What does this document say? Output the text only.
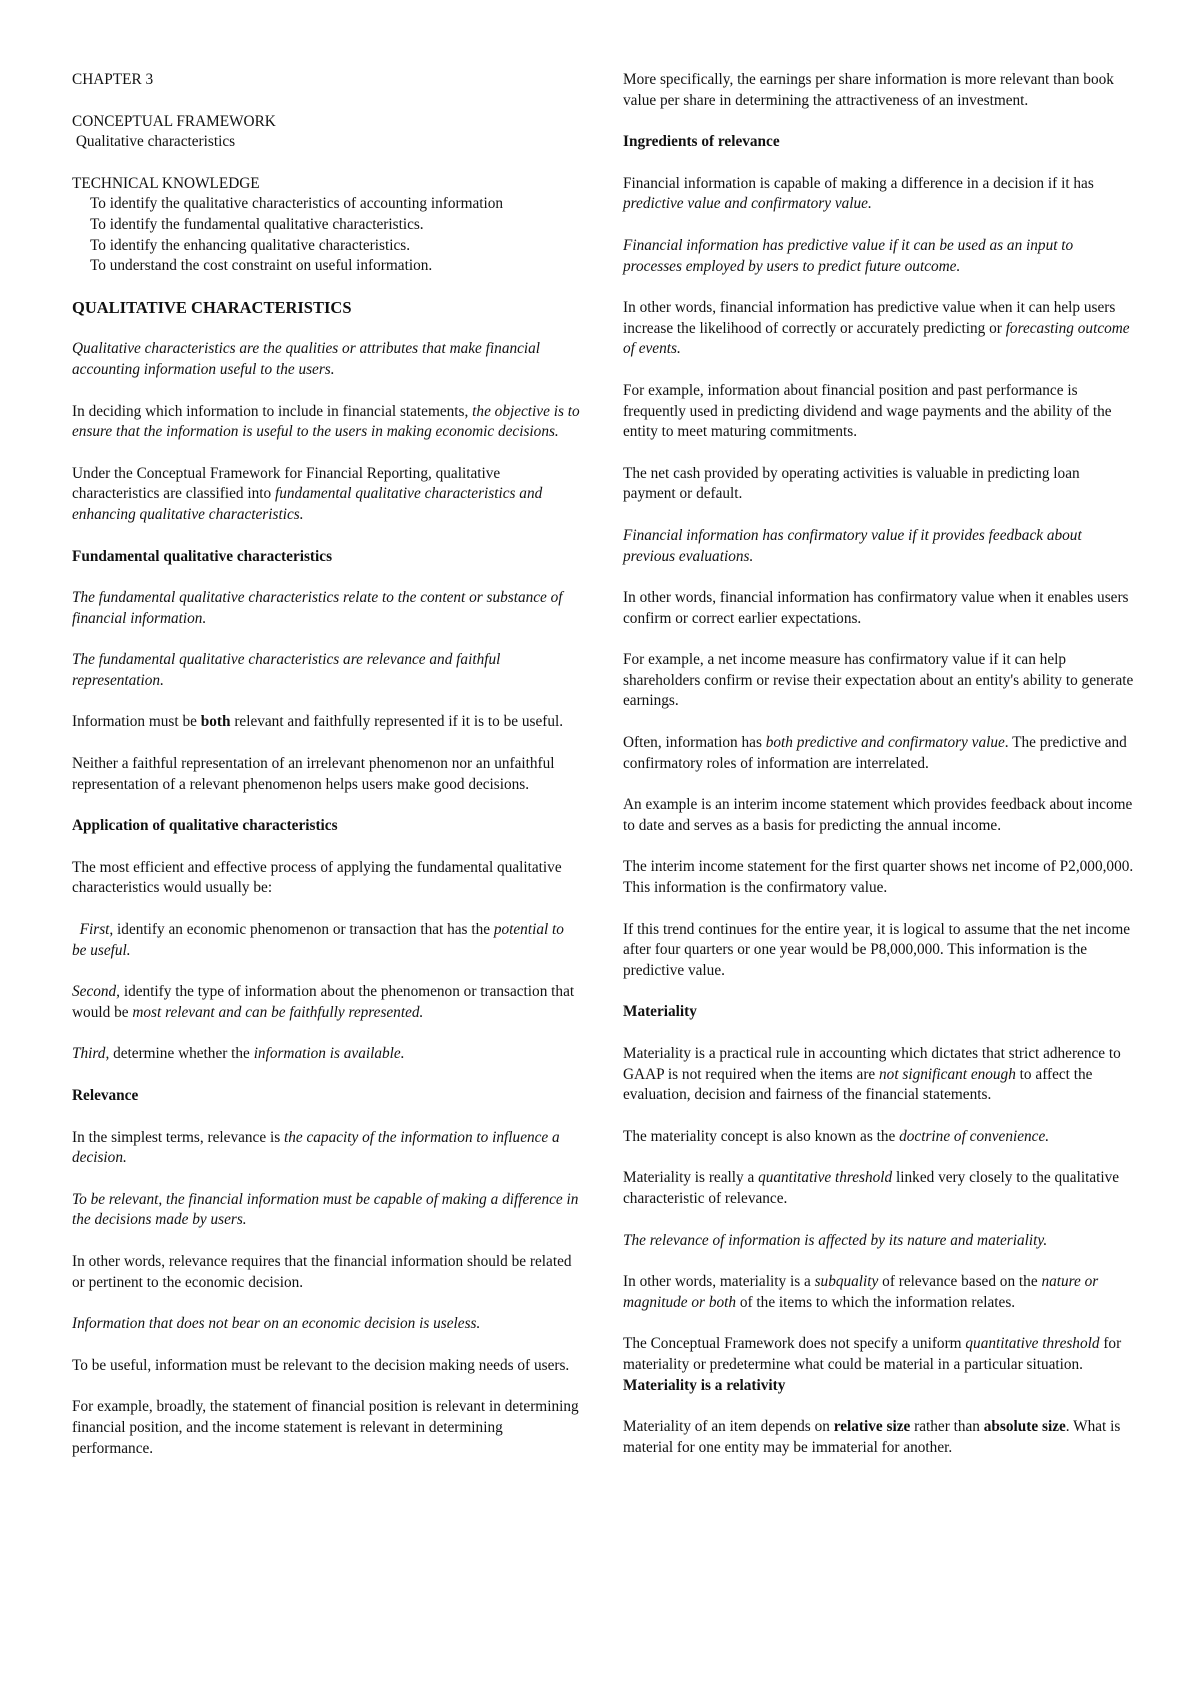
CHAPTER 3

CONCEPTUAL FRAMEWORK

Qualitative characteristics

TECHNICAL KNOWLEDGE

To identify the qualitative characteristics of accounting information

To identify the fundamental qualitative characteristics.

To identify the enhancing qualitative characteristics.

To understand the cost constraint on useful information.

QUALITATIVE CHARACTERISTICS

Qualitative characteristics are the qualities or attributes that make financial accounting information useful to the users.

In deciding which information to include in financial statements, the objective is to ensure that the information is useful to the users in making economic decisions.

Under the Conceptual Framework for Financial Reporting, qualitative characteristics are classified into fundamental qualitative characteristics and enhancing qualitative characteristics.

Fundamental qualitative characteristics

The fundamental qualitative characteristics relate to the content or substance of financial information.

The fundamental qualitative characteristics are relevance and faithful representation.

Information must be both relevant and faithfully represented if it is to be useful.

Neither a faithful representation of an irrelevant phenomenon nor an unfaithful representation of a relevant phenomenon helps users make good decisions.

Application of qualitative characteristics

The most efficient and effective process of applying the fundamental qualitative characteristics would usually be:

First, identify an economic phenomenon or transaction that has the potential to be useful.

Second, identify the type of information about the phenomenon or transaction that would be most relevant and can be faithfully represented.

Third, determine whether the information is available.

Relevance

In the simplest terms, relevance is the capacity of the information to influence a decision.

To be relevant, the financial information must be capable of making a difference in the decisions made by users.

In other words, relevance requires that the financial information should be related or pertinent to the economic decision.

Information that does not bear on an economic decision is useless.

To be useful, information must be relevant to the decision making needs of users.

For example, broadly, the statement of financial position is relevant in determining financial position, and the income statement is relevant in determining performance.

More specifically, the earnings per share information is more relevant than book value per share in determining the attractiveness of an investment.

Ingredients of relevance

Financial information is capable of making a difference in a decision if it has predictive value and confirmatory value.

Financial information has predictive value if it can be used as an input to processes employed by users to predict future outcome.

In other words, financial information has predictive value when it can help users increase the likelihood of correctly or accurately predicting or forecasting outcome of events.

For example, information about financial position and past performance is frequently used in predicting dividend and wage payments and the ability of the entity to meet maturing commitments.

The net cash provided by operating activities is valuable in predicting loan payment or default.

Financial information has confirmatory value if it provides feedback about previous evaluations.

In other words, financial information has confirmatory value when it enables users confirm or correct earlier expectations.

For example, a net income measure has confirmatory value if it can help shareholders confirm or revise their expectation about an entity's ability to generate earnings.

Often, information has both predictive and confirmatory value. The predictive and confirmatory roles of information are interrelated.

An example is an interim income statement which provides feedback about income to date and serves as a basis for predicting the annual income.

The interim income statement for the first quarter shows net income of P2,000,000. This information is the confirmatory value.

If this trend continues for the entire year, it is logical to assume that the net income after four quarters or one year would be P8,000,000. This information is the predictive value.

Materiality

Materiality is a practical rule in accounting which dictates that strict adherence to GAAP is not required when the items are not significant enough to affect the evaluation, decision and fairness of the financial statements.

The materiality concept is also known as the doctrine of convenience.

Materiality is really a quantitative threshold linked very closely to the qualitative characteristic of relevance.

The relevance of information is affected by its nature and materiality.

In other words, materiality is a subquality of relevance based on the nature or magnitude or both of the items to which the information relates.

The Conceptual Framework does not specify a uniform quantitative threshold for materiality or predetermine what could be material in a particular situation.

Materiality is a relativity

Materiality of an item depends on relative size rather than absolute size. What is material for one entity may be immaterial for another.
